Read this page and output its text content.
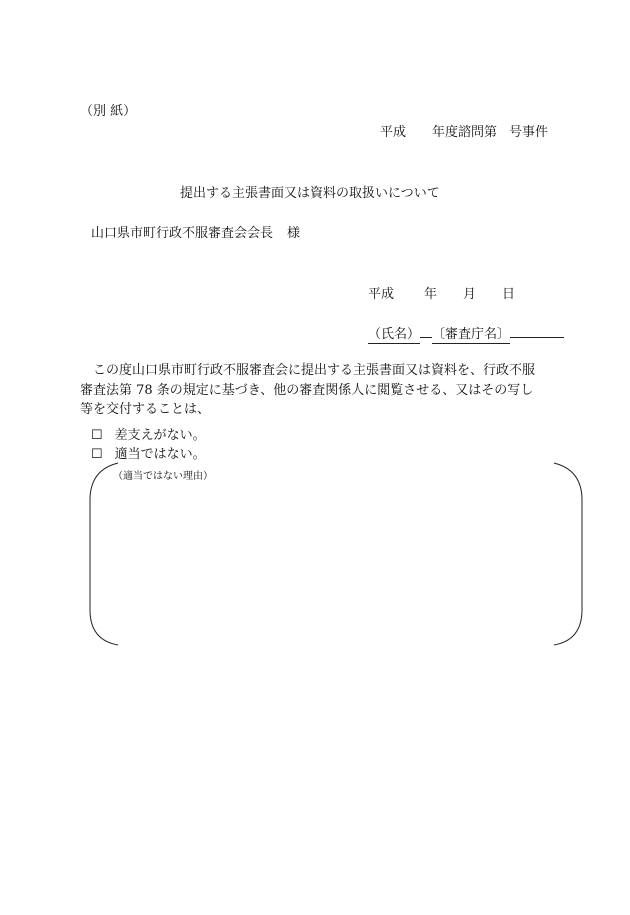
（別 紙）
平成 年度諮問第 号事件
提出する主張書面又は資料の取扱いについて
山口県市町行政不服審査会会長 様
平成 年 月 日
（氏名） 〔審査庁名〕
この度山口県市町行政不服審査会に提出する主張書面又は資料を、行政不服
審査法第 78 条の規定に基づき、他の審査関係人に閲覧させる、又はその写し
等を交付することは、
☐ 差支えがない。
☐ 適当ではない。
（適当ではない理由）
